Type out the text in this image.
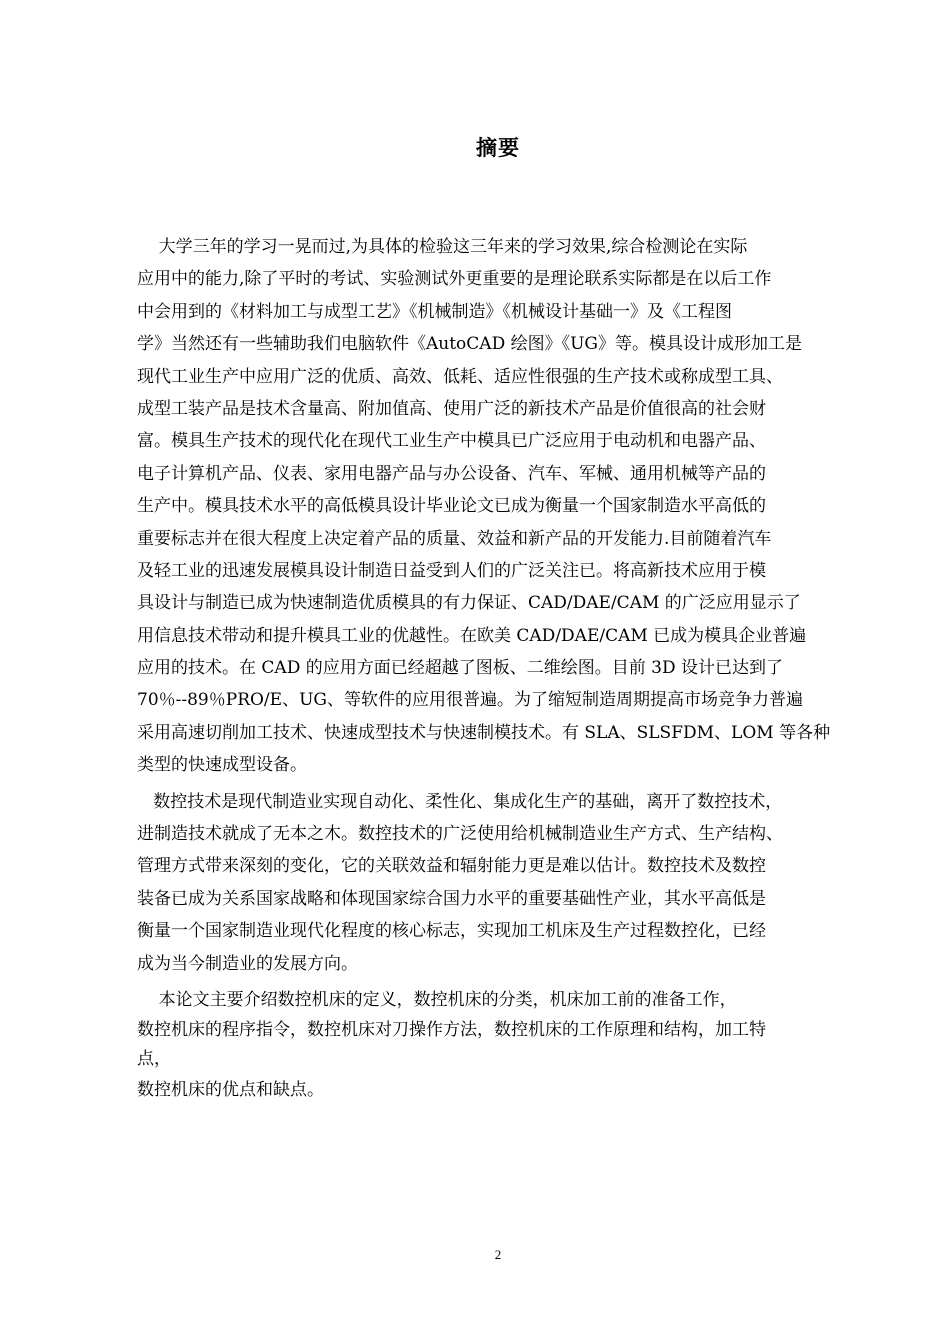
摘要
大学三年的学习一晃而过,为具体的检验这三年来的学习效果,综合检测论在实际
应用中的能力,除了平时的考试、实验测试外更重要的是理论联系实际都是在以后工作
中会用到的《材料加工与成型工艺》《机械制造》《机械设计基础一》及《工程图
学》当然还有一些辅助我们电脑软件《AutoCAD 绘图》《UG》等。模具设计成形加工是
现代工业生产中应用广泛的优质、高效、低耗、适应性很强的生产技术或称成型工具、
成型工装产品是技术含量高、附加值高、使用广泛的新技术产品是价值很高的社会财
富。模具生产技术的现代化在现代工业生产中模具已广泛应用于电动机和电器产品、
电子计算机产品、仪表、家用电器产品与办公设备、汽车、军械、通用机械等产品的
生产中。模具技术水平的高低模具设计毕业论文已成为衡量一个国家制造水平高低的
重要标志并在很大程度上决定着产品的质量、效益和新产品的开发能力.目前随着汽车
及轻工业的迅速发展模具设计制造日益受到人们的广泛关注已。将高新技术应用于模
具设计与制造已成为快速制造优质模具的有力保证、CAD/DAE/CAM 的广泛应用显示了
用信息技术带动和提升模具工业的优越性。在欧美 CAD/DAE/CAM 已成为模具企业普遍
应用的技术。在 CAD 的应用方面已经超越了图板、二维绘图。目前 3D 设计已达到了
70％--89％PRO/E、UG、等软件的应用很普遍。为了缩短制造周期提高市场竞争力普遍
采用高速切削加工技术、快速成型技术与快速制模技术。有 SLA、SLSFDM、LOM 等各种
类型的快速成型设备。
数控技术是现代制造业实现自动化、柔性化、集成化生产的基础，离开了数控技术，
进制造技术就成了无本之木。数控技术的广泛使用给机械制造业生产方式、生产结构、
管理方式带来深刻的变化，它的关联效益和辐射能力更是难以估计。数控技术及数控
装备已成为关系国家战略和体现国家综合国力水平的重要基础性产业，其水平高低是
衡量一个国家制造业现代化程度的核心标志，实现加工机床及生产过程数控化，已经
成为当今制造业的发展方向。
本论文主要介绍数控机床的定义，数控机床的分类，机床加工前的准备工作，
数控机床的程序指令，数控机床对刀操作方法，数控机床的工作原理和结构，加工特
点，
数控机床的优点和缺点。
2
